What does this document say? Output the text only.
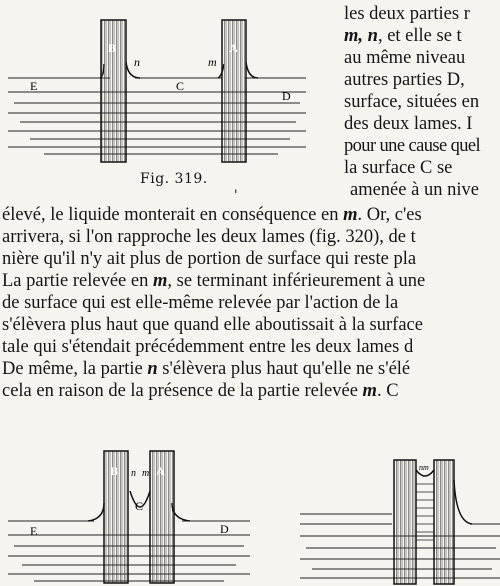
B	A
n	m
C
E
D
Fig. 319.
'
les deux parties r
m, n, et elle se t
au même niveau
autres parties D,
surface, situées en
des deux lames. I
pour une cause quel
la surface C se
amenée à un nive
élevé, le liquide monterait en conséquence en m. Or, c'es
arrivera, si l'on rapproche les deux lames (fig. 320), de t
nière qu'il n'y ait plus de portion de surface qui reste pla
La partie relevée en m, se terminant inférieurement à une
de surface qui est elle-même relevée par l'action de la
s'élèvera plus haut que quand elle aboutissait à la surface
tale qui s'étendait précédemment entre les deux lames d
De même, la partie n s'élèvera plus haut qu'elle ne s'élé
cela en raison de la présence de la partie relevée m. C
B	A
n m
C
E	D
nm
